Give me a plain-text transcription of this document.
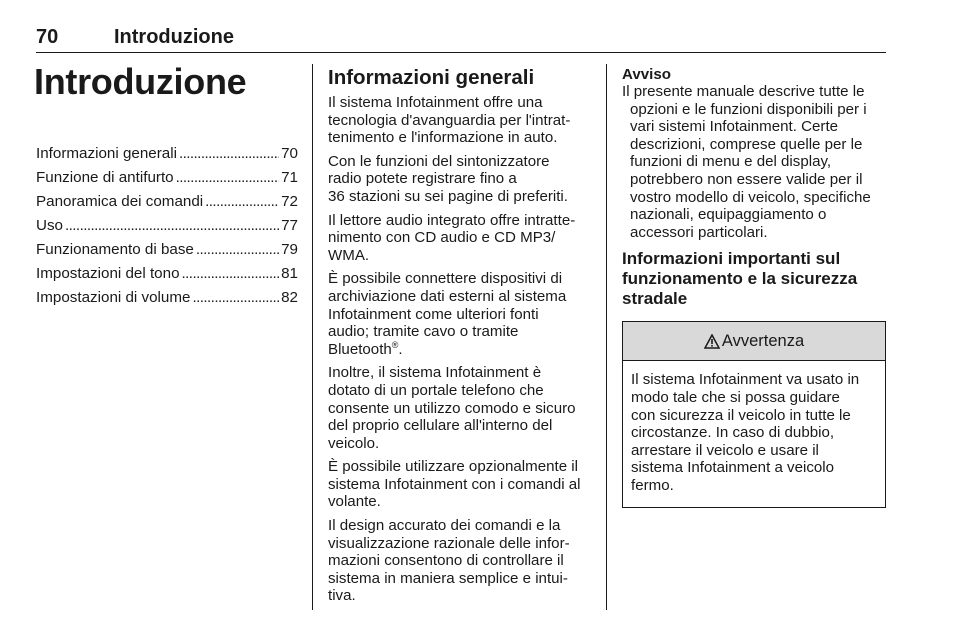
70	Introduzione
Introduzione
Informazioni generali . . .	70
Funzione di antifurto . . .	71
Panoramica dei comandi . . .	72
Uso . . .	77
Funzionamento di base . . .	79
Impostazioni del tono . . .	81
Impostazioni di volume . . .	82
Informazioni generali
Il sistema Infotainment offre una
tecnologia d'avanguardia per l'intrat-
tenimento e l'informazione in auto.
Con le funzioni del sintonizzatore
radio potete registrare fino a
36 stazioni su sei pagine di preferiti.
Il lettore audio integrato offre intratte-
nimento con CD audio e CD MP3/
WMA.
È possibile connettere dispositivi di
archiviazione dati esterni al sistema
Infotainment come ulteriori fonti
audio; tramite cavo o tramite
Bluetooth®.
Inoltre, il sistema Infotainment è
dotato di un portale telefono che
consente un utilizzo comodo e sicuro
del proprio cellulare all'interno del
veicolo.
È possibile utilizzare opzionalmente il
sistema Infotainment con i comandi al
volante.
Il design accurato dei comandi e la
visualizzazione razionale delle infor-
mazioni consentono di controllare il
sistema in maniera semplice e intui-
tiva.
Avviso
Il presente manuale descrive tutte le
opzioni e le funzioni disponibili per i
vari sistemi Infotainment. Certe
descrizioni, comprese quelle per le
funzioni di menu e del display,
potrebbero non essere valide per il
vostro modello di veicolo, specifiche
nazionali, equipaggiamento o
accessori particolari.
Informazioni importanti sul
funzionamento e la sicurezza
stradale
Avvertenza
Il sistema Infotainment va usato in
modo tale che si possa guidare
con sicurezza il veicolo in tutte le
circostanze. In caso di dubbio,
arrestare il veicolo e usare il
sistema Infotainment a veicolo
fermo.
